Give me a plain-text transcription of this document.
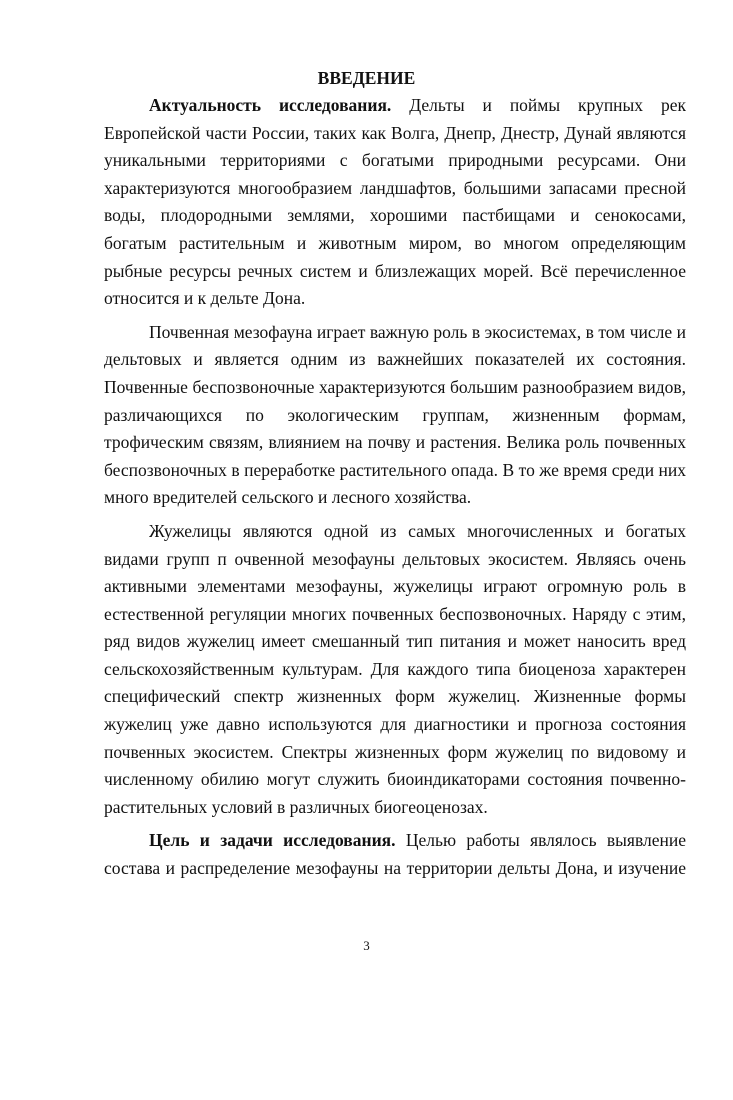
ВВЕДЕНИЕ

Актуальность исследования. Дельты и поймы крупных рек Европейской части России, таких как Волга, Днепр, Днестр, Дунай являются уникальными территориями с богатыми природными ресурсами. Они характеризуются многообразием ландшафтов, большими запасами пресной воды, плодородными землями, хорошими пастбищами и сенокосами, богатым растительным и животным миром, во многом определяющим рыбные ресурсы речных систем и близлежащих морей. Всё перечисленное относится и к дельте Дона.

Почвенная мезофауна играет важную роль в экосистемах, в том числе и дельтовых и является одним из важнейших показателей их состояния. Почвенные беспозвоночные характеризуются большим разнообразием видов, различающихся по экологическим группам, жизненным формам, трофическим связям, влиянием на почву и растения. Велика роль почвенных беспозвоночных в переработке растительного опада. В то же время среди них много вредителей сельского и лесного хозяйства.

Жужелицы являются одной из самых многочисленных и богатых видами групп п очвенной мезофауны дельтовых экосистем. Являясь очень активными элементами мезофауны, жужелицы играют огромную роль в естественной регуляции многих почвенных беспозвоночных. Наряду с этим, ряд видов жужелиц имеет смешанный тип питания и может наносить вред сельскохозяйственным культурам. Для каждого типа биоценоза характерен специфический спектр жизненных форм жужелиц. Жизненные формы жужелиц уже давно используются для диагностики и прогноза состояния почвенных экосистем. Спектры жизненных форм жужелиц по видовому и численному обилию могут служить биоиндикаторами состояния почвенно-растительных условий в различных биогеоценозах.

Цель и задачи исследования. Целью работы являлось выявление состава и распределение мезофауны на территории дельты Дона, и изучение

3
